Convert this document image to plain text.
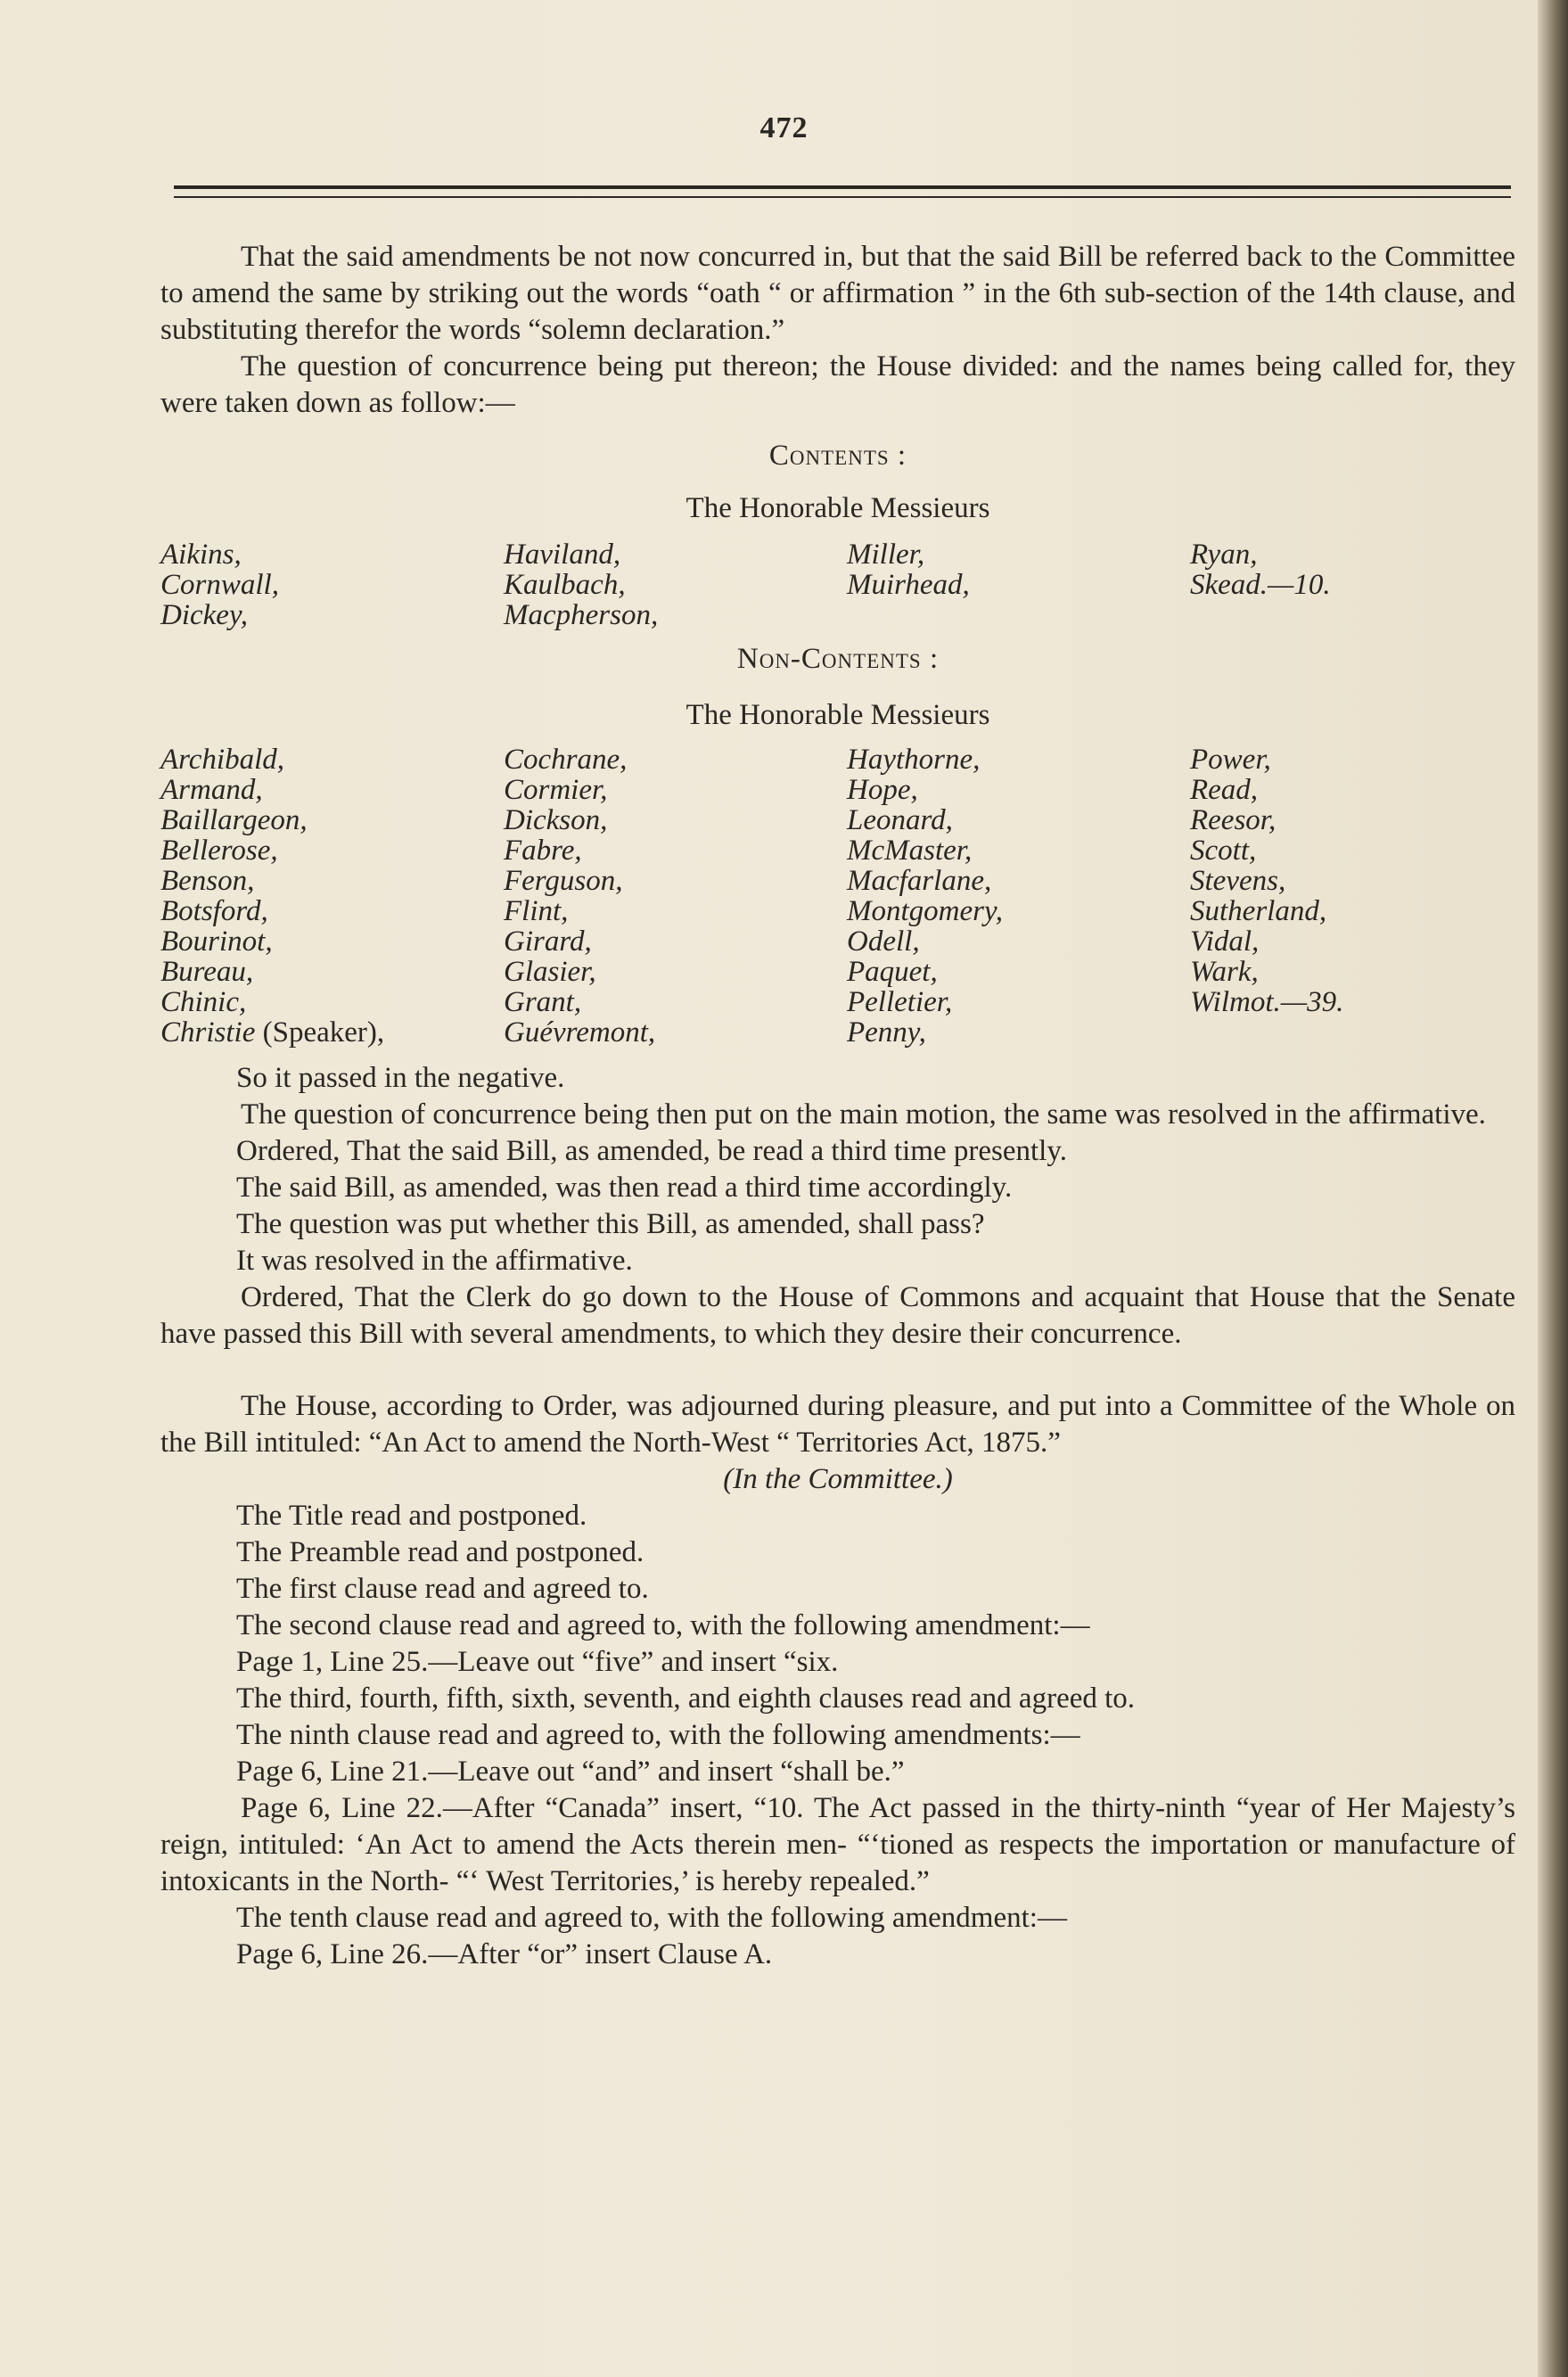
472

That the said amendments be not now concurred in, but that the said Bill be referred back to the Committee to amend the same by striking out the words “oath “ or affirmation ” in the 6th sub-section of the 14th clause, and substituting therefor the words “solemn declaration.”

The question of concurrence being put thereon; the House divided: and the names being called for, they were taken down as follow:—

Contents :

The Honorable Messieurs

Aikins,	Haviland,	Miller,	Ryan,
Cornwall,	Kaulbach,	Muirhead,	Skead.—10.
Dickey,	Macpherson,

Non-Contents :

The Honorable Messieurs

Archibald,	Cochrane,	Haythorne,	Power,
Armand,	Cormier,	Hope,	Read,
Baillargeon,	Dickson,	Leonard,	Reesor,
Bellerose,	Fabre,	McMaster,	Scott,
Benson,	Ferguson,	Macfarlane,	Stevens,
Botsford,	Flint,	Montgomery,	Sutherland,
Bourinot,	Girard,	Odell,	Vidal,
Bureau,	Glasier,	Paquet,	Wark,
Chinic,	Grant,	Pelletier,	Wilmot.—39.
Christie (Speaker),	Guévremont,	Penny,

So it passed in the negative.

The question of concurrence being then put on the main motion, the same was resolved in the affirmative.

Ordered, That the said Bill, as amended, be read a third time presently.

The said Bill, as amended, was then read a third time accordingly.

The question was put whether this Bill, as amended, shall pass?

It was resolved in the affirmative.

Ordered, That the Clerk do go down to the House of Commons and acquaint that House that the Senate have passed this Bill with several amendments, to which they desire their concurrence.

The House, according to Order, was adjourned during pleasure, and put into a Committee of the Whole on the Bill intituled: “An Act to amend the North-West “ Territories Act, 1875.”

(In the Committee.)

The Title read and postponed.

The Preamble read and postponed.

The first clause read and agreed to.

The second clause read and agreed to, with the following amendment:—

Page 1, Line 25.—Leave out “five” and insert “six.

The third, fourth, fifth, sixth, seventh, and eighth clauses read and agreed to.

The ninth clause read and agreed to, with the following amendments:—

Page 6, Line 21.—Leave out “and” and insert “shall be.”

Page 6, Line 22.—After “Canada” insert, “10. The Act passed in the thirty-ninth “year of Her Majesty’s reign, intituled: ‘An Act to amend the Acts therein men- “‘tioned as respects the importation or manufacture of intoxicants in the North- “‘ West Territories,’ is hereby repealed.”

The tenth clause read and agreed to, with the following amendment:—

Page 6, Line 26.—After “or” insert Clause A.
